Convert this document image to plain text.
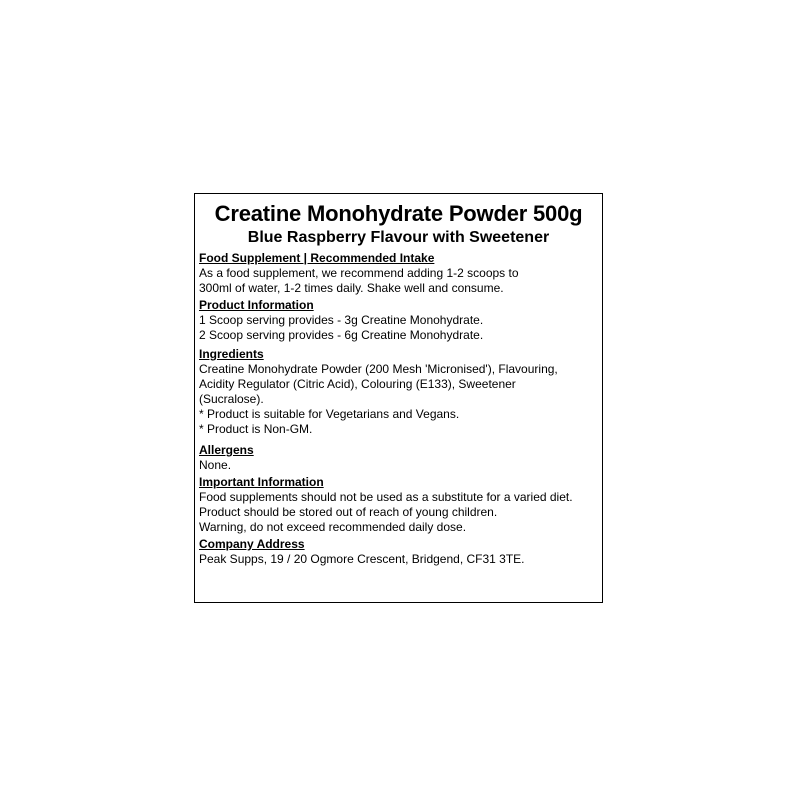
Creatine Monohydrate Powder 500g
Blue Raspberry Flavour with Sweetener
Food Supplement | Recommended Intake

As a food supplement, we recommend adding 1-2 scoops to

300ml of water, 1-2 times daily. Shake well and consume.

Product Information

1 Scoop serving provides - 3g Creatine Monohydrate.

2 Scoop serving provides - 6g Creatine Monohydrate.

Ingredients

Creatine Monohydrate Powder (200 Mesh 'Micronised'), Flavouring,

Acidity Regulator (Citric Acid), Colouring (E133), Sweetener

(Sucralose).

* Product is suitable for Vegetarians and Vegans.

* Product is Non-GM.

Allergens

None.

Important Information

Food supplements should not be used as a substitute for a varied diet.

Product should be stored out of reach of young children.

Warning, do not exceed recommended daily dose.

Company Address

Peak Supps, 19 / 20 Ogmore Crescent, Bridgend, CF31 3TE.
